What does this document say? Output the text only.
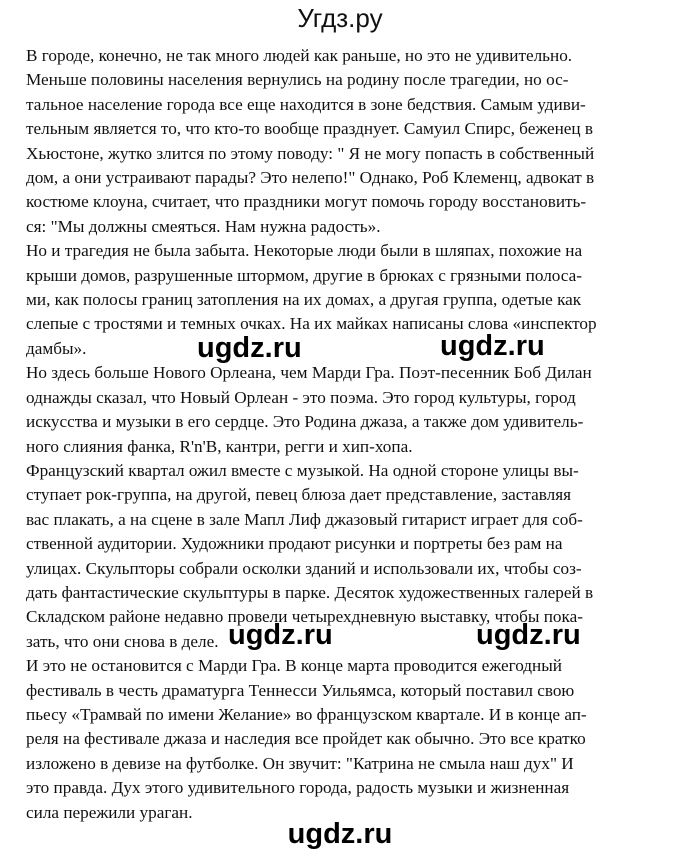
Угдз.ру
В городе, конечно, не так много людей как раньше, но это не удивительно.
Меньше половины населения вернулись на родину после трагедии, но ос-
тальное население города все еще находится в зоне бедствия. Самым удиви-
тельным является то, что кто-то вообще празднует. Самуил Спирс, беженец в
Хьюстоне, жутко злится по этому поводу: " Я не могу попасть в собственный
дом, а они устраивают парады? Это нелепо!" Однако, Роб Клеменц, адвокат в
костюме клоуна, считает, что праздники могут помочь городу восстановить-
ся: "Мы должны смеяться. Нам нужна радость».
Но и трагедия не была забыта. Некоторые люди были в шляпах, похожие на
крыши домов, разрушенные штормом, другие в брюках с грязными полоса-
ми, как полосы границ затопления на их домах, а другая группа, одетые как
слепые с тростями и темных очках. На их майках написаны слова «инспектор
дамбы».
Но здесь больше Нового Орлеана, чем Марди Гра. Поэт-песенник Боб Дилан
однажды сказал, что Новый Орлеан - это поэма. Это город культуры, город
искусства и музыки в его сердце. Это Родина джаза, а также дом удивитель-
ного слияния фанка, R'n'B, кантри, регги и хип-хопа.
Французский квартал ожил вместе с музыкой. На одной стороне улицы вы-
ступает рок-группа, на другой, певец блюза дает представление, заставляя
вас плакать, а на сцене в зале Мапл Лиф джазовый гитарист играет для соб-
ственной аудитории. Художники продают рисунки и портреты без рам на
улицах. Скульпторы собрали осколки зданий и использовали их, чтобы соз-
дать фантастические скульптуры в парке. Десяток художественных галерей в
Складском районе недавно провели четырехдневную выставку, чтобы пока-
зать, что они снова в деле.
И это не остановится с Марди Гра. В конце марта проводится ежегодный
фестиваль в честь драматурга Теннесси Уильямса, который поставил свою
пьесу «Трамвай по имени Желание» во французском квартале. И в конце ап-
реля на фестивале джаза и наследия все пройдет как обычно. Это все кратко
изложено в девизе на футболке. Он звучит: "Катрина не смыла наш дух" И
это правда. Дух этого удивительного города, радость музыки и жизненная
сила пережили ураган.
ugdz.ru	ugdz.ru
ugdz.ru	ugdz.ru
ugdz.ru
